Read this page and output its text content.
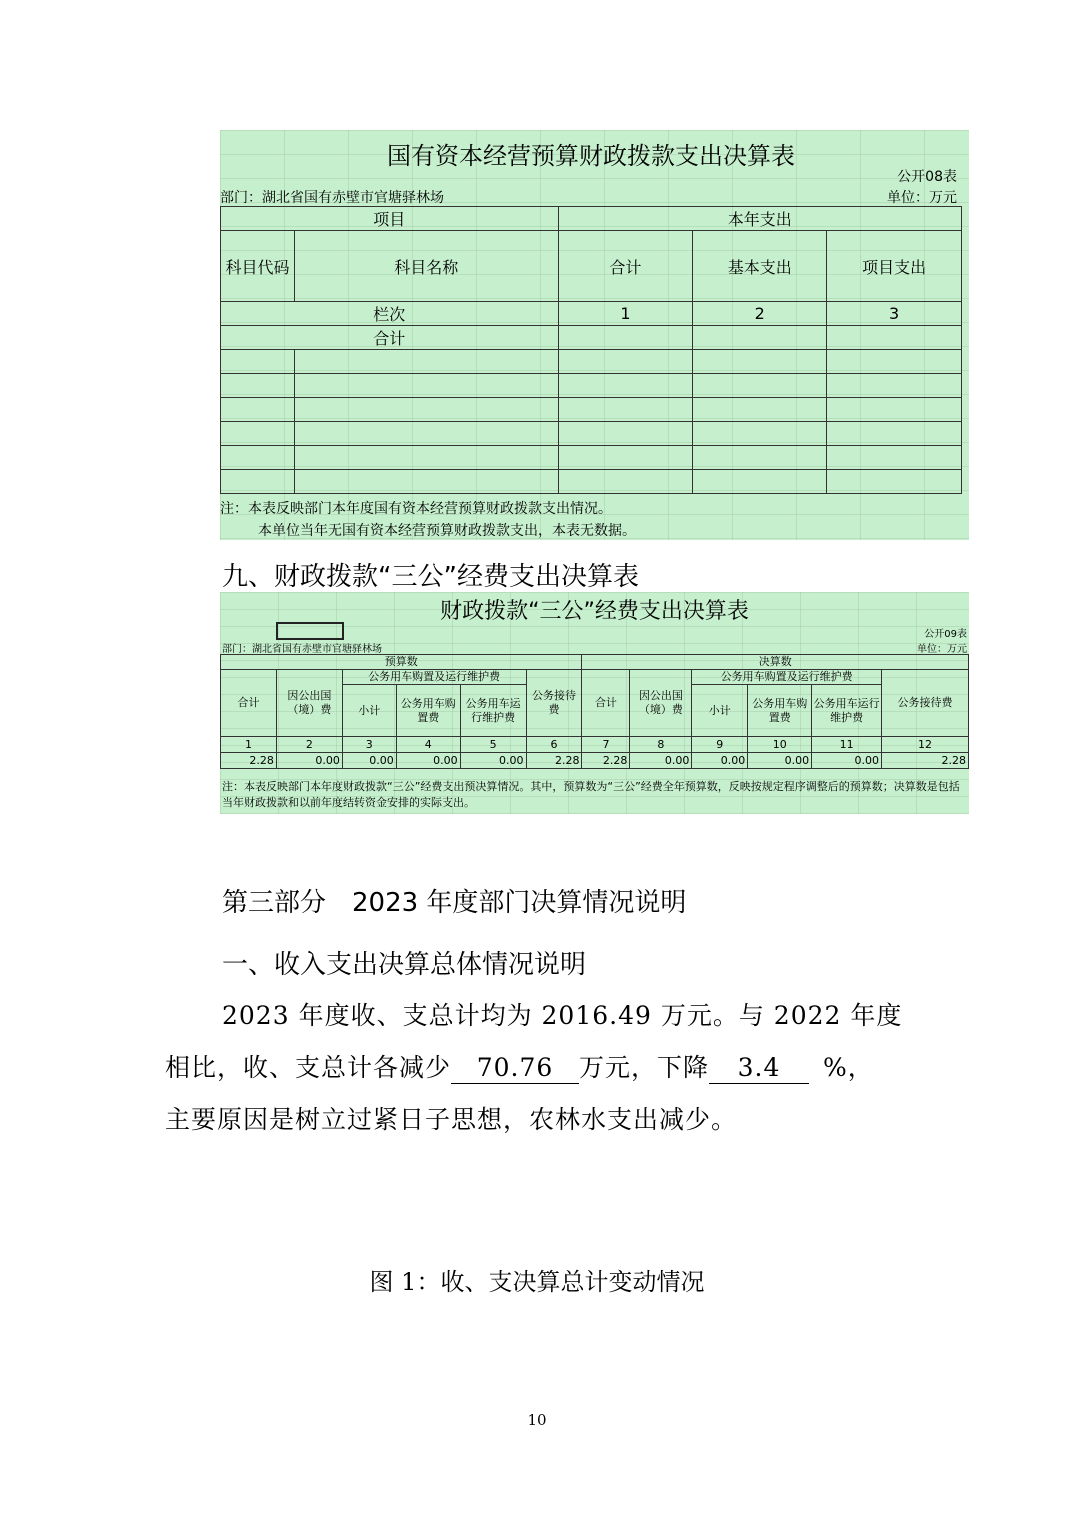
国有资本经营预算财政拨款支出决算表
公开08表
部门：湖北省国有赤壁市官塘驿林场	单位：万元
项目		本年支出		
科目代码	科目名称	合计	基本支出	项目支出
栏次		1	2	3
合计				

注：本表反映部门本年度国有资本经营预算财政拨款支出情况。
本单位当年无国有资本经营预算财政拨款支出，本表无数据。
九、财政拨款“三公”经费支出决算表
财政拨款“三公”经费支出决算表
公开09表
部门：湖北省国有赤壁市官塘驿林场	单位：万元
预算数						决算数					
合计	因公出国（境）费	公务用车购置及运行维护费			公务接待费	合计	因公出国（境）费	公务用车购置及运行维护费			公务接待费
		小计	公务用车购置费	公务用车运行维护费				小计	公务用车购置费	公务用车运行维护费	
1	2	3	4	5	6	7	8	9	10	11	12
2.28	0.00	0.00	0.00	0.00	2.28	2.28	0.00	0.00	0.00	0.00	2.28
注：本表反映部门本年度财政拨款“三公”经费支出预决算情况。其中，预算数为“三公”经费全年预算数，反映按规定程序调整后的预算数；决算数是包括当年财政拨款和以前年度结转资金安排的实际支出。
第三部分　2023 年度部门决算情况说明
一、收入支出决算总体情况说明
2023 年度收、支总计均为 2016.49 万元。与 2022 年度
相比，收、支总计各减少 70.76 万元，下降 3.4 %，
主要原因是树立过紧日子思想，农林水支出减少。
图 1：收、支决算总计变动情况
10
